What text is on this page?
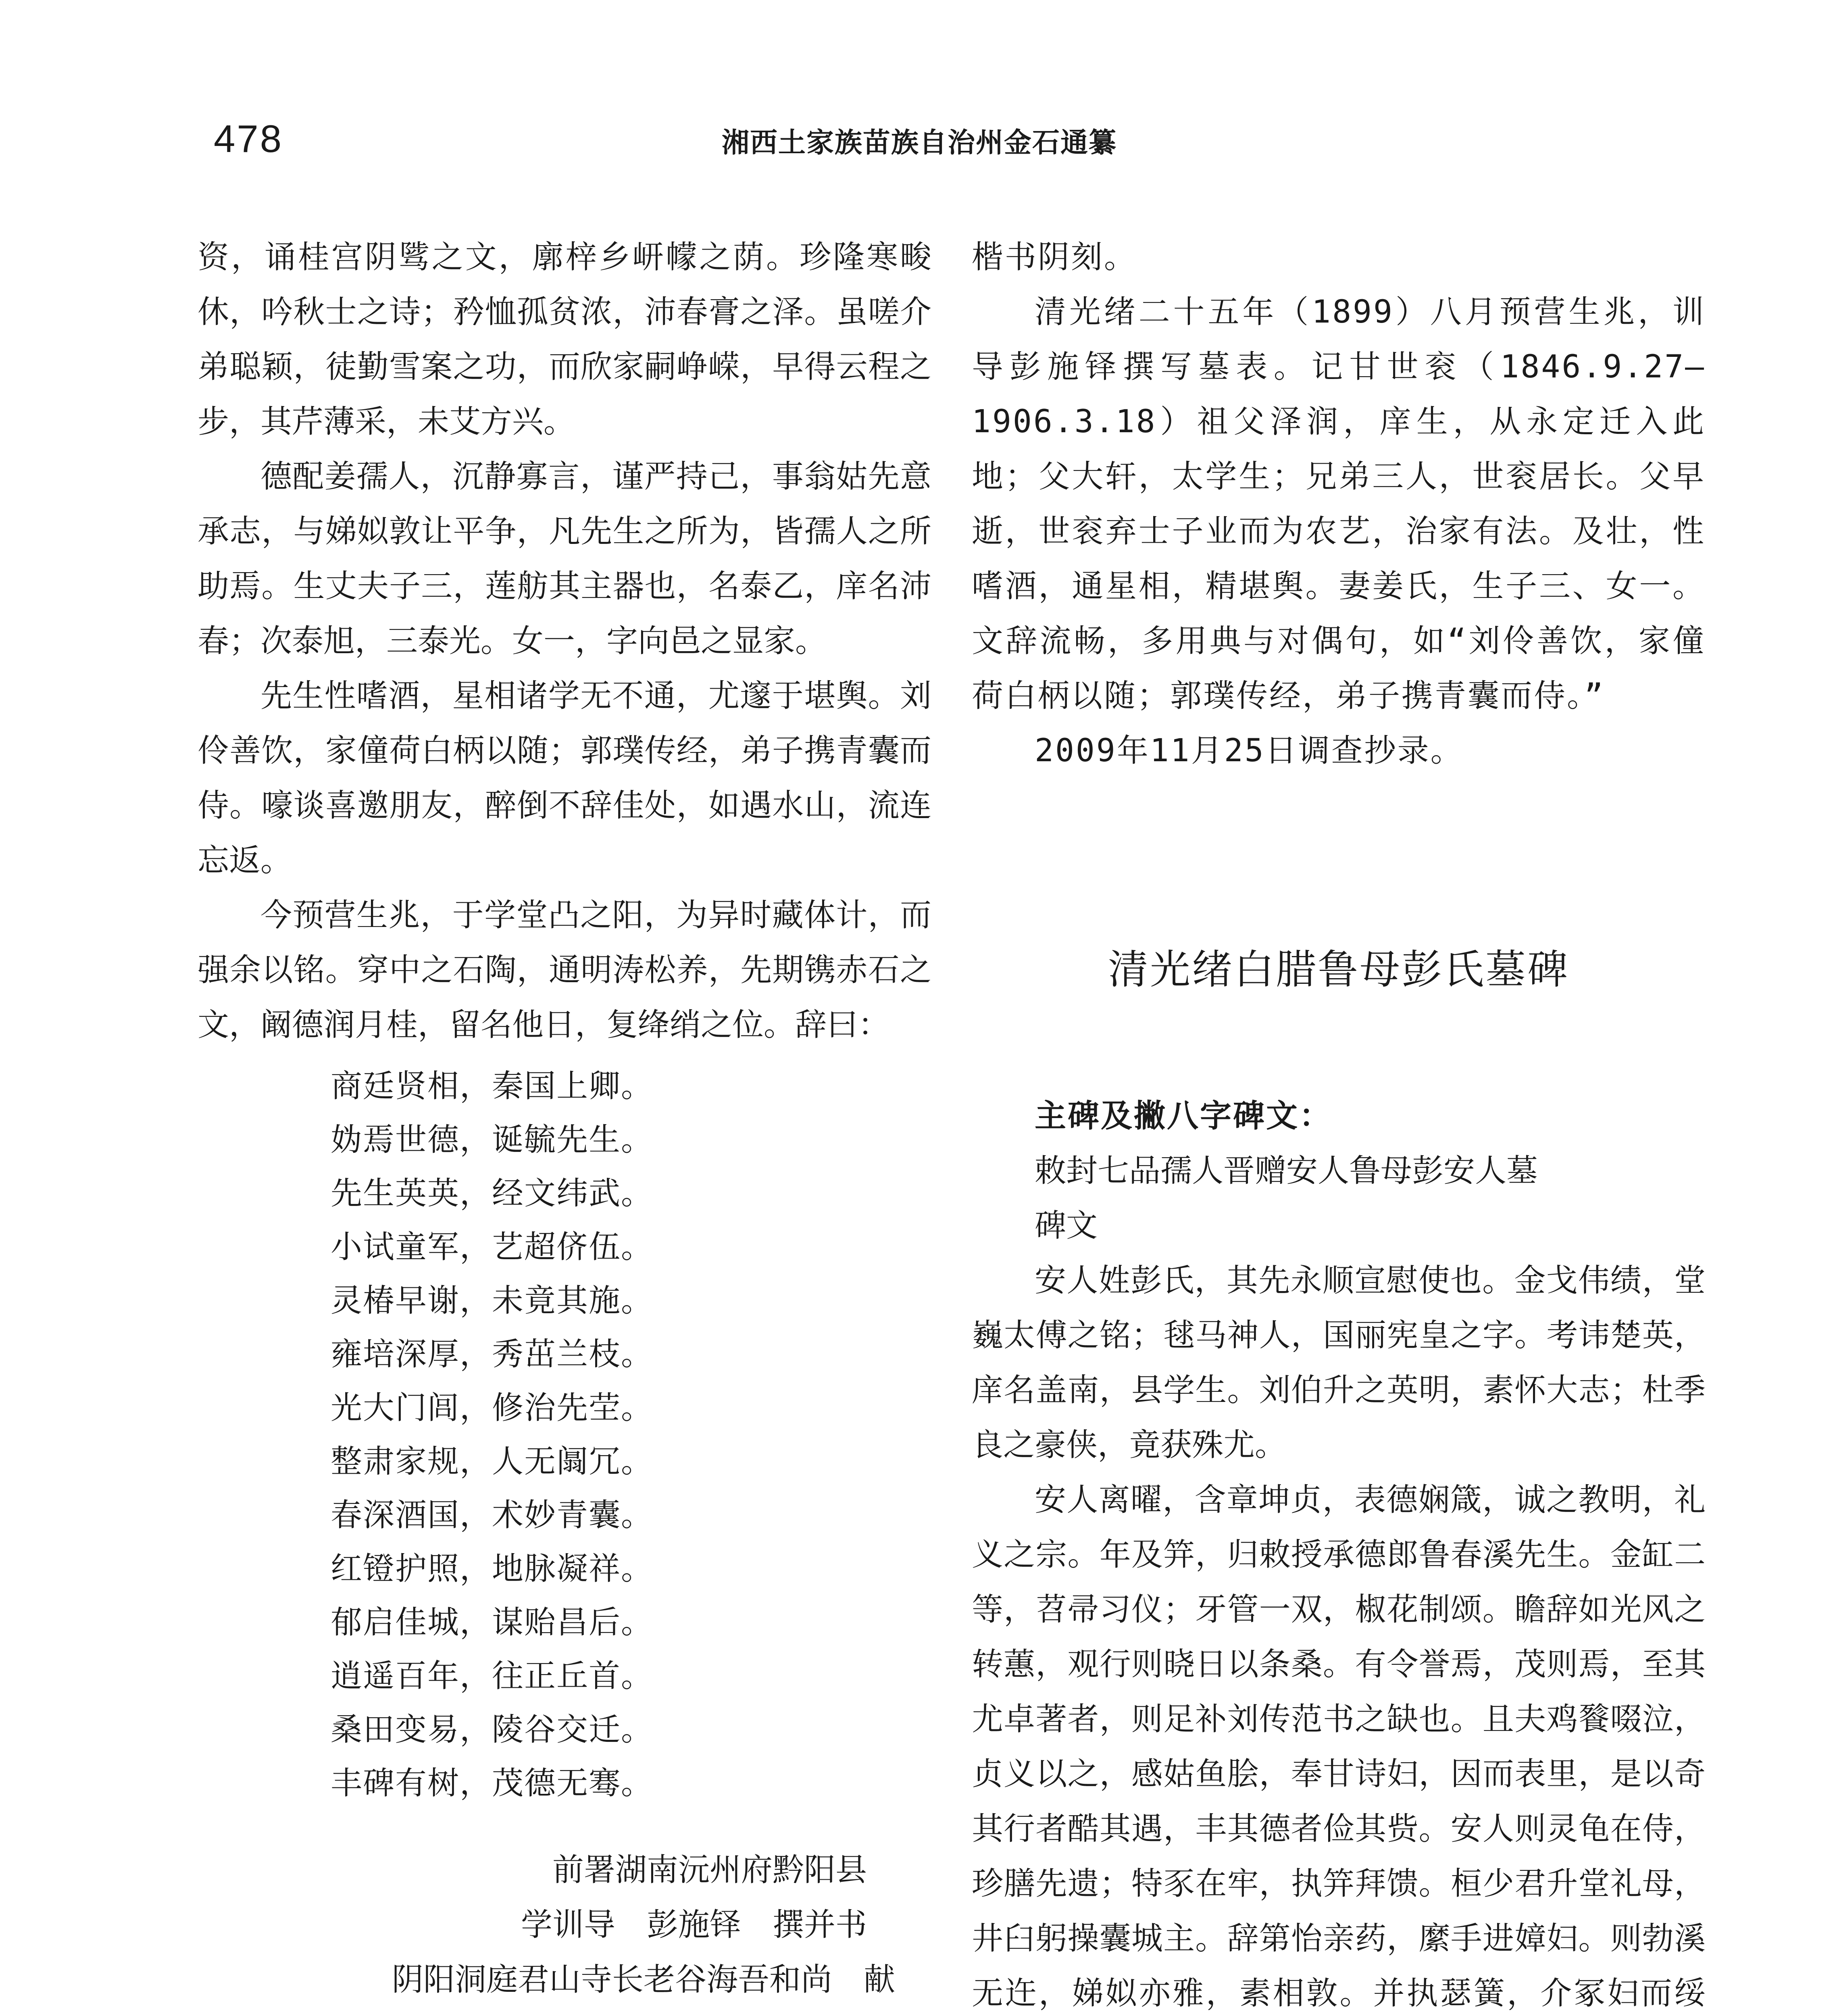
478	湘西土家族苗族自治州金石通纂

资，诵桂宫阴骘之文，廓梓乡岍幪之荫。珍隆寒畯休，吟秋士之诗；矜恤孤贫浓，沛春膏之泽。虽嗟介弟聪颖，徒勤雪案之功，而欣家嗣峥嵘，早得云程之步，其芹薄采，未艾方兴。

德配姜孺人，沉静寡言，谨严持己，事翁姑先意承志，与娣姒敦让平争，凡先生之所为，皆孺人之所助焉。生丈夫子三，莲舫其主器也，名泰乙，庠名沛春；次泰旭，三泰光。女一，字向邑之显家。

先生性嗜酒，星相诸学无不通，尤邃于堪舆。刘伶善饮，家僮荷白柄以随；郭璞传经，弟子携青囊而侍。嚎谈喜邀朋友，醉倒不辞佳处，如遇水山，流连忘返。

今预营生兆，于学堂凸之阳，为异时藏体计，而强余以铭。穿中之石陶，通明涛松养，先期镌赤石之文，阚德润月桂，留名他日，复绛绡之位。辞曰：

商廷贤相，秦国上卿。
妫焉世德，诞毓先生。
先生英英，经文纬武。
小试童军，艺超侪伍。
灵椿早谢，未竟其施。
雍培深厚，秀茁兰枝。
光大门闾，修治先茔。
整肃家规，人无阘冗。
春深酒国，术妙青囊。
红镫护照，地脉凝祥。
郁启佳城，谋贻昌后。
逍遥百年，往正丘首。
桑田变易，陵谷交迁。
丰碑有树，茂德无骞。
前署湖南沅州府黔阳县
学训导　彭施铎　撰并书
阴阳洞庭君山寺长老谷海吾和尚　献

楷书阴刻。

清光绪二十五年（1899）八月预营生兆，训导彭施铎撰写墓表。记甘世衮（1846.9.27—1906.3.18）祖父泽润，庠生，从永定迁入此地；父大轩，太学生；兄弟三人，世衮居长。父早逝，世衮弃士子业而为农艺，治家有法。及壮，性嗜酒，通星相，精堪舆。妻姜氏，生子三、女一。文辞流畅，多用典与对偶句，如“刘伶善饮，家僮荷白柄以随；郭璞传经，弟子携青囊而侍。”

2009年11月25日调查抄录。

清光绪白腊鲁母彭氏墓碑
主碑及撇八字碑文：
敕封七品孺人晋赠安人鲁母彭安人墓
碑文

安人姓彭氏，其先永顺宣慰使也。金戈伟绩，堂巍太傅之铭；毬马神人，国丽宪皇之字。考讳楚英，庠名盖南，县学生。刘伯升之英明，素怀大志；杜季良之豪侠，竟获殊尤。

安人离曜，含章坤贞，表德娴箴，诚之教明，礼义之宗。年及笄，归敕授承德郎鲁春溪先生。金缸二等，苕帚习仪；牙管一双，椒花制颂。瞻辞如光风之转蕙，观行则晓日以条桑。有令誉焉，茂则焉，至其尤卓著者，则足补刘传范书之缺也。且夫鸡餮啜泣，贞义以之，感姑鱼脍，奉甘诗妇，因而表里，是以奇其行者酷其遇，丰其德者俭其赀。安人则灵龟在侍，珍膳先遗；特豕在牢，执笄拜馈。桓少君升堂礼母，井臼躬操囊城主。辞第怡亲药，縻手进嫜妇。则勃溪无迕，娣姒亦雅，素相敦。并执瑟簧，介冢妇而绥
